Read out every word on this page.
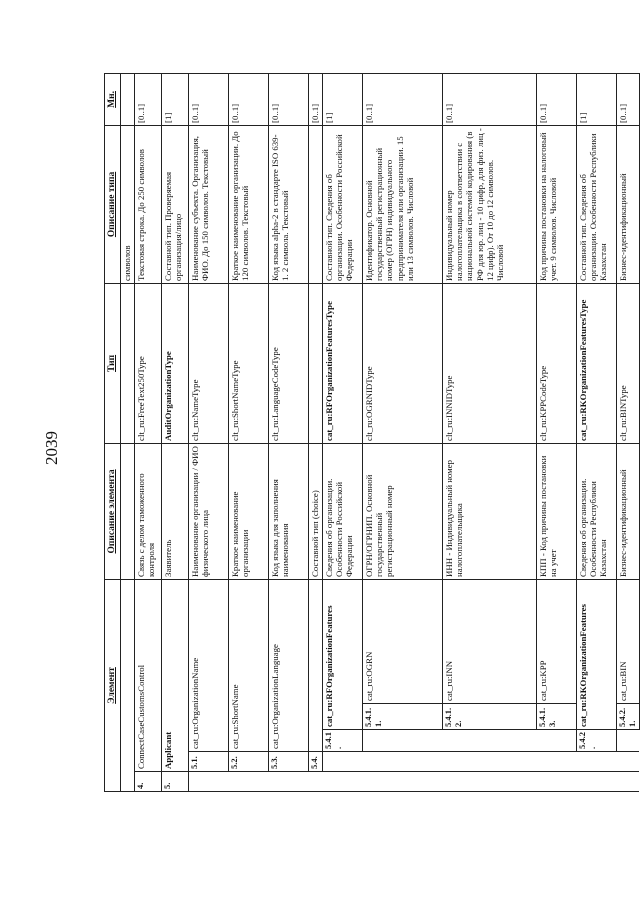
2039
Элемент					Описание элемента	Тип	Описание типа	Мн.
							символов	
4.	ConnectCaseCustomsControl				Связь с делом таможенного контроля	clt_ru:FreeText250Type	Текстовая строка. До 250 символов	[0..1]
5.	Applicant				Заявитель	AuditOrganizationType	Составной тип. Проверяемая организация/лицо	[1]
	5.1.	cat_ru:OrganizationName			Наименование организации / ФИО физического лица	clt_ru:NameType	Наименование субъекта. Организация, ФИО. До 150 символов. Текстовый	[0..1]
	5.2.	cat_ru:ShortName			Краткое наименование организации	clt_ru:ShortNameType	Краткое наименование организации. До 120 символов. Текстовый	[0..1]
	5.3.	cat_ru:OrganizationLanguage			Код языка для заполнения наименования	clt_ru:LanguageCodeType	Код языка alpha-2 в стандарте ISO 639-1. 2 символа. Текстовый	[0..1]
	5.4.				Составной тип (choice)			[0..1]
		5.4.1.	cat_ru:RFOrganizationFeatures		Сведения об организации. Особенности Российской Федерации	cat_ru:RFOrganizationFeaturesType	Составной тип. Сведения об организации. Особенности Российской Федерации	[1]
			5.4.1.1.	cat_ru:OGRN	ОГРН/ОГРНИП. Основной государственный регистрационный номер	clt_ru:OGRNIDType	Идентификатор. Основной государственный регистрационный номер (ОГРН) индивидуального предпринимателя или организации. 15 или 13 символов. Числовой	[0..1]
			5.4.1.2.	cat_ru:INN	ИНН - Индивидуальный номер налогоплательщика	clt_ru:INNIDType	Индивидуальный номер налогоплательщика в соответствии с национальной системой кодирования (в РФ для юр. лиц - 10 цифр, для физ. лиц - 12 цифр). От 10 до 12 символов. Числовой	[0..1]
			5.4.1.3.	cat_ru:KPP	КПП - Код причины постановки на учет	clt_ru:KPPCodeType	Код причины постановки на налоговый учет. 9 символов. Числовой	[0..1]
		5.4.2.	cat_ru:RKOrganizationFeatures		Сведения об организации. Особенности Республики Казахстан	cat_ru:RKOrganizationFeaturesType	Составной тип. Сведения об организации. Особенности Республики Казахстан	[1]
			5.4.2.1.	cat_ru:BIN	Бизнес-идентификационный	clt_ru:BINType	Бизнес-идентификационный	[0..1]
